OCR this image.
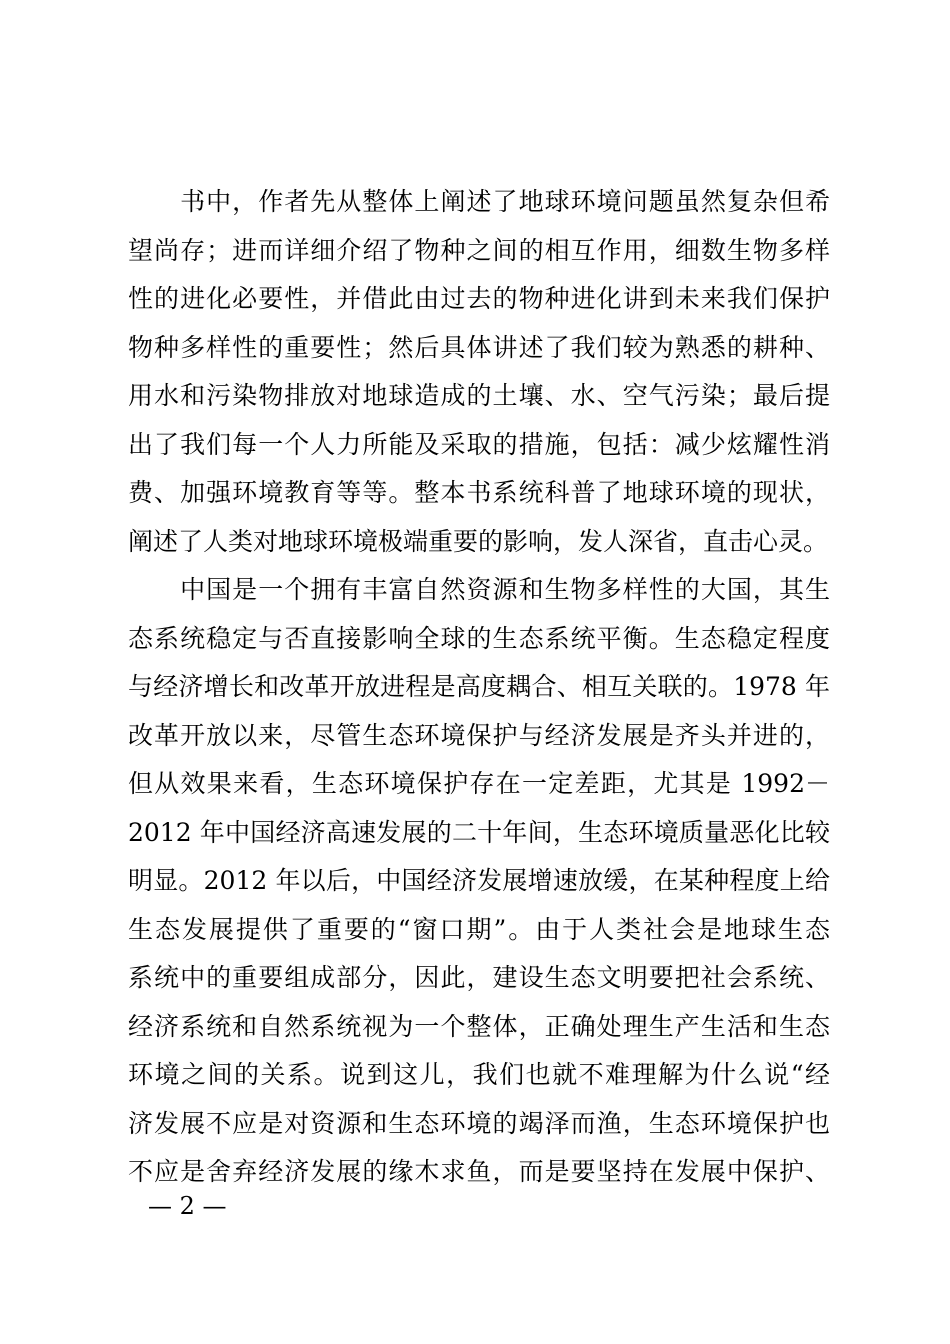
　　书中，作者先从整体上阐述了地球环境问题虽然复杂但希
望尚存；进而详细介绍了物种之间的相互作用，细数生物多样
性的进化必要性，并借此由过去的物种进化讲到未来我们保护
物种多样性的重要性；然后具体讲述了我们较为熟悉的耕种、
用水和污染物排放对地球造成的土壤、水、空气污染；最后提
出了我们每一个人力所能及采取的措施，包括：减少炫耀性消
费、加强环境教育等等。整本书系统科普了地球环境的现状，
阐述了人类对地球环境极端重要的影响，发人深省，直击心灵。
　　中国是一个拥有丰富自然资源和生物多样性的大国，其生
态系统稳定与否直接影响全球的生态系统平衡。生态稳定程度
与经济增长和改革开放进程是高度耦合、相互关联的。1978 年
改革开放以来，尽管生态环境保护与经济发展是齐头并进的，
但从效果来看，生态环境保护存在一定差距，尤其是 1992－
2012 年中国经济高速发展的二十年间，生态环境质量恶化比较
明显。2012 年以后，中国经济发展增速放缓，在某种程度上给
生态发展提供了重要的“窗口期”。由于人类社会是地球生态
系统中的重要组成部分，因此，建设生态文明要把社会系统、
经济系统和自然系统视为一个整体，正确处理生产生活和生态
环境之间的关系。说到这儿，我们也就不难理解为什么说“经
济发展不应是对资源和生态环境的竭泽而渔，生态环境保护也
不应是舍弃经济发展的缘木求鱼，而是要坚持在发展中保护、
— 2 —
